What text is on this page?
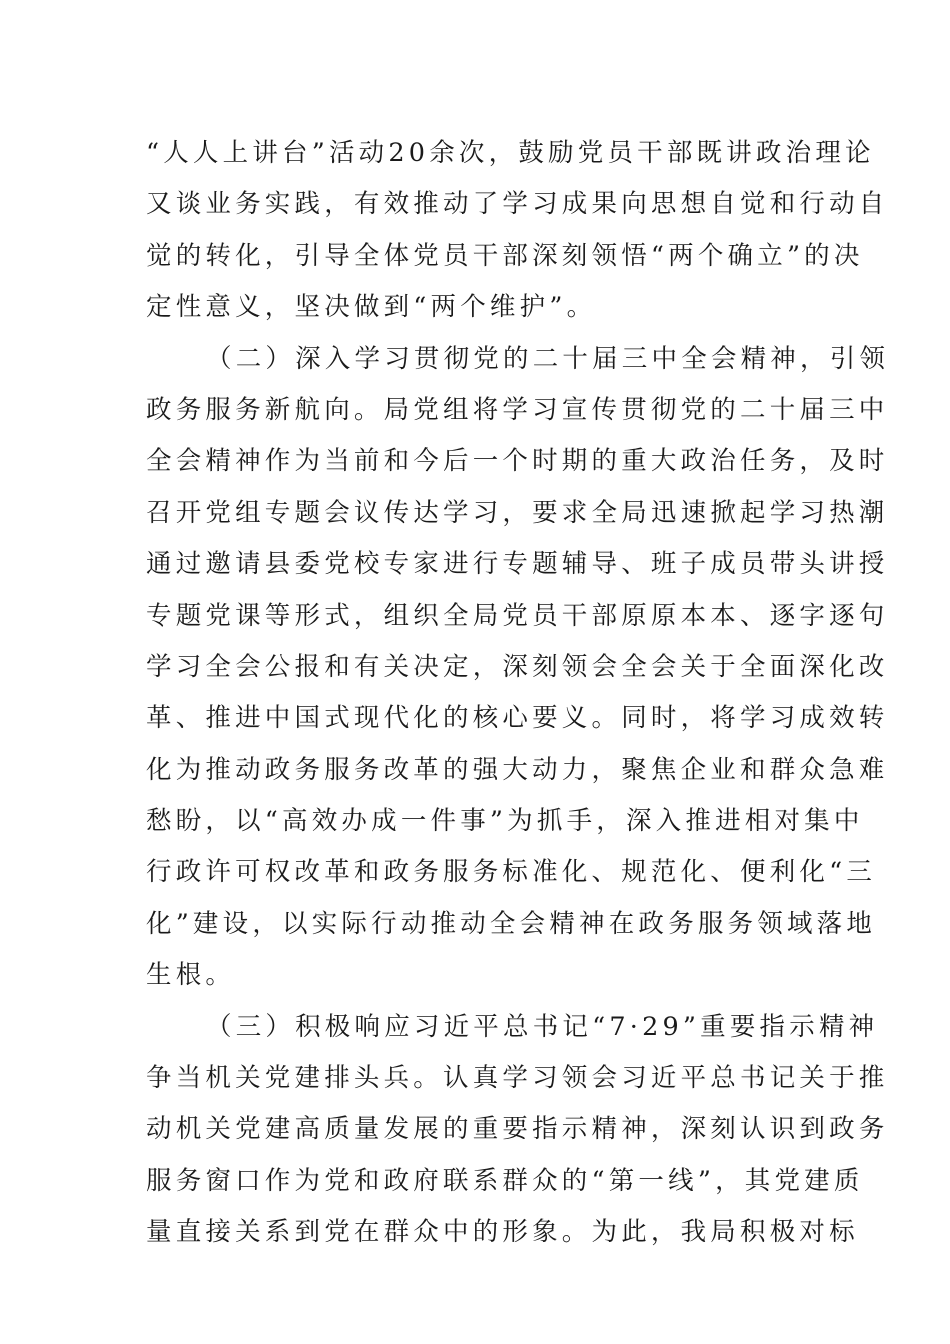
“人人上讲台”活动20余次，鼓励党员干部既讲政治理论
又谈业务实践，有效推动了学习成果向思想自觉和行动自
觉的转化，引导全体党员干部深刻领悟“两个确立”的决
定性意义，坚决做到“两个维护”。
（二）深入学习贯彻党的二十届三中全会精神，引领
政务服务新航向。局党组将学习宣传贯彻党的二十届三中
全会精神作为当前和今后一个时期的重大政治任务，及时
召开党组专题会议传达学习，要求全局迅速掀起学习热潮
通过邀请县委党校专家进行专题辅导、班子成员带头讲授
专题党课等形式，组织全局党员干部原原本本、逐字逐句
学习全会公报和有关决定，深刻领会全会关于全面深化改
革、推进中国式现代化的核心要义。同时，将学习成效转
化为推动政务服务改革的强大动力，聚焦企业和群众急难
愁盼，以“高效办成一件事”为抓手，深入推进相对集中
行政许可权改革和政务服务标准化、规范化、便利化“三
化”建设，以实际行动推动全会精神在政务服务领域落地
生根。
（三）积极响应习近平总书记“7·29”重要指示精神
争当机关党建排头兵。认真学习领会习近平总书记关于推
动机关党建高质量发展的重要指示精神，深刻认识到政务
服务窗口作为党和政府联系群众的“第一线”，其党建质
量直接关系到党在群众中的形象。为此，我局积极对标
